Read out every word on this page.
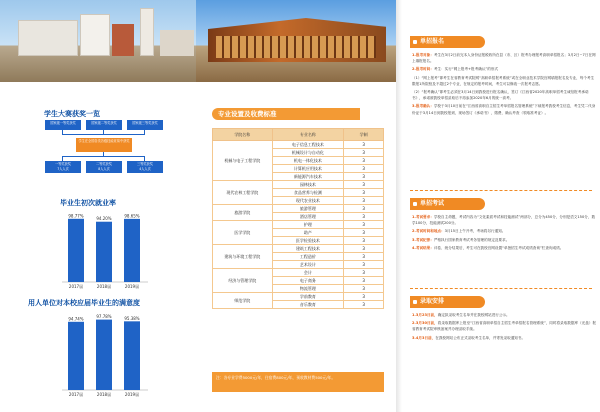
学生大赛获奖一览
国家级一等奖获奖	国家级二等奖获奖	国家级三等奖获奖
学生在全国各类各级技能竞赛中获奖
一等奖获奖
7人人次
二等奖获奖
8人人次
三等奖获奖
4人人次
毕业生初次就业率
98.77%
2017届
94.20%
2018届
98.65%
2019届
用人单位对本校应届毕业生的满意度
94.74%
2017届
97.78%
2018届
95.38%
2019届
专业设置及收费标准
学院名称	专业名称	学制
机械与电子工程学院	电子信息工程技术	3
	机械设计与自动化	3
	机电一体化技术	3
	计算机应用技术	3
	新能源汽车技术	3
现代农林工程学院	园林技术	3
	食品营养与检测	3
	现代农业技术	3
旅游学院	旅游管理	3
	酒店管理	3
医学学院	护理	3
	助产	3
	医学检验技术	3
建筑与环境工程学院	建筑工程技术	3
	工程造价	3
	艺术设计	3
经济与管理学院	会计	3
	电子商务	3
	物流管理	3
师范学院	学前教育	3
	音乐教育	3
注：各专业学费5000元/年，住宿费800元/年，预收教材费500元/年。
单招报名
1.报考对象：考生在3月2日前完本人身份证报税收所在县（市、区）报考办理报考高职单招报名；3月2日~7日在网上填报报名。
2.报考时间：考生：实行“网上报考+报考确认”的形式
（1）“网上报考”即考生在省教育考试院网“高职单招报考系统”或在全职业技术学院官网填报报名及专业，每个考生限报1所院校及不超过2个专业，在规定的报考时间，考生可以修改一次报考志愿。
（2）“报考确认”即考生必须在3月14日到我校进行报名确认，签订《江西省2020年高职单招考生诚信报考承诺书》，承诺被我校单招录取后不再参加2020年6月的统一高考。
3.报考确认：学校于3月10日前在“江西省高职自主招生考单招报名管理系统”下载报考我校考生信息，考生凭二代身份证于3月14日到我校报到，现场签订《承诺书》，缴费，确认考查（领取准考证）。
单招考试
1.考试要求：学校自主命题，考试内容为“文化素质考试和技能测试”两部分，总分为450分，分别是语文150分，数学100分，技能测试200分。
2.考试时间和地点：3月15日上午开考，考场将另行通知。
3.考试纪律：严格执行国家教育考试考务管理的规定及要求。
4.考试结果：评卷、统分结果后，考生可在我校官网设置“单独招生考试成绩查询”栏查询成绩。
录取安排
1.3月23日前，确定拟录取考生名单并在我校网站进行公示。
2.3月30日前，将录取数据库上报至“江西省高职单招自主招生考单招报名管理系统”，同时将录取数据库（光盘）报省教育考试院审核备案并办理录取手续。
3.4月3日前，在我校网站公布正式录取考生名单，并寄发录取通知书。
